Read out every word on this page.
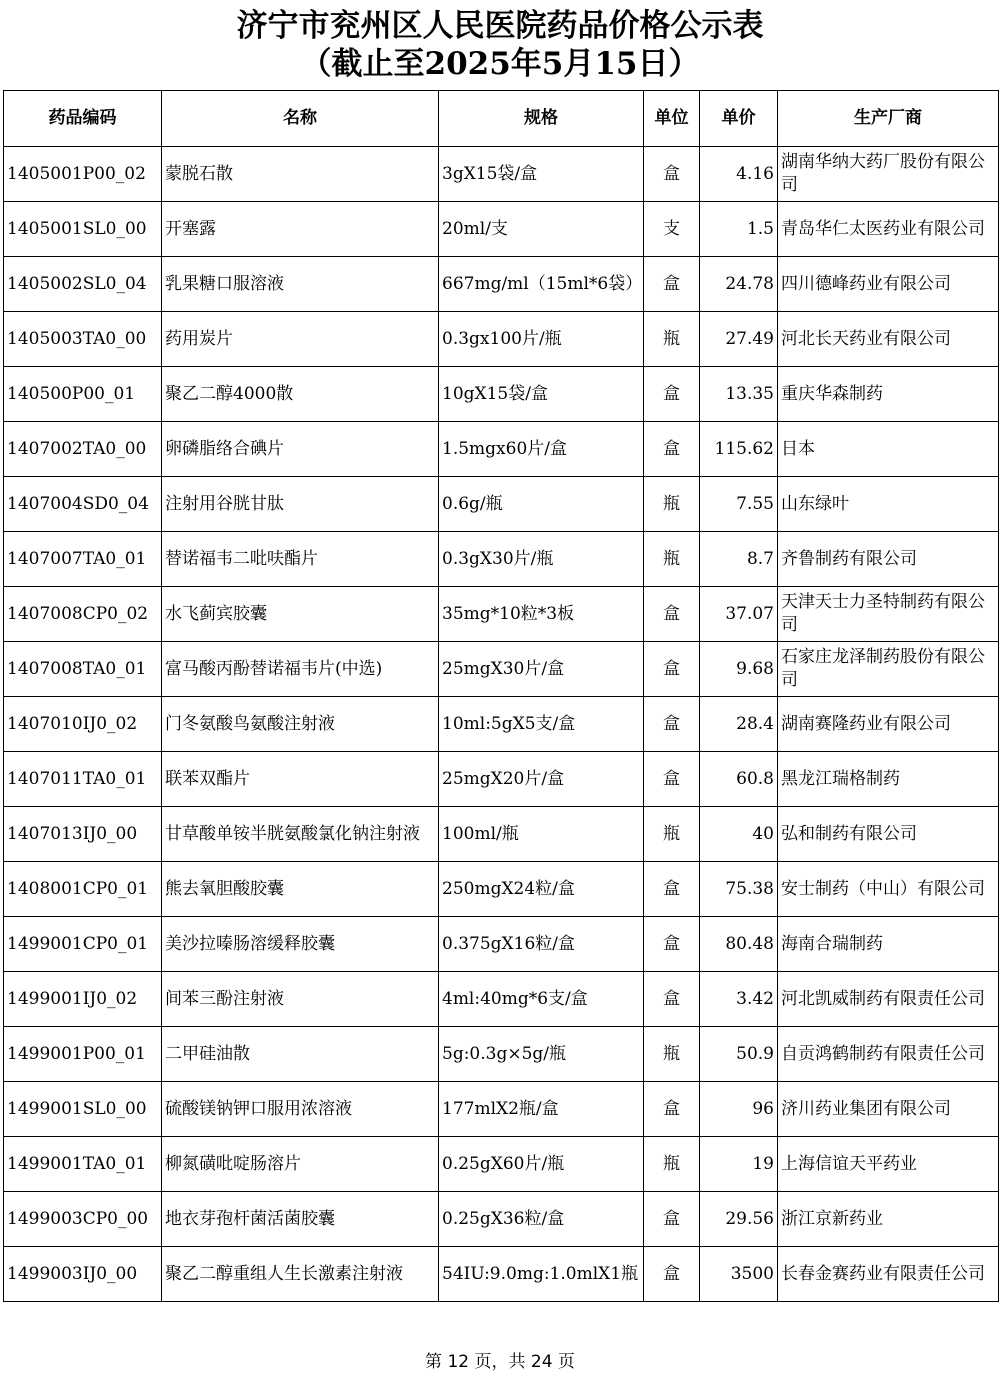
济宁市兖州区人民医院药品价格公示表
（截止至2025年5月15日）
药品编码	名称	规格	单位	单价	生产厂商
1405001P00_02	蒙脱石散	3gX15袋/盒	盒	4.16	湖南华纳大药厂股份有限公司
1405001SL0_00	开塞露	20ml/支	支	1.5	青岛华仁太医药业有限公司
1405002SL0_04	乳果糖口服溶液	667mg/ml（15ml*6袋）	盒	24.78	四川德峰药业有限公司
1405003TA0_00	药用炭片	0.3gx100片/瓶	瓶	27.49	河北长天药业有限公司
140500P00_01	聚乙二醇4000散	10gX15袋/盒	盒	13.35	重庆华森制药
1407002TA0_00	卵磷脂络合碘片	1.5mgx60片/盒	盒	115.62	日本
1407004SD0_04	注射用谷胱甘肽	0.6g/瓶	瓶	7.55	山东绿叶
1407007TA0_01	替诺福韦二吡呋酯片	0.3gX30片/瓶	瓶	8.7	齐鲁制药有限公司
1407008CP0_02	水飞蓟宾胶囊	35mg*10粒*3板	盒	37.07	天津天士力圣特制药有限公司
1407008TA0_01	富马酸丙酚替诺福韦片(中选)	25mgX30片/盒	盒	9.68	石家庄龙泽制药股份有限公司
1407010IJ0_02	门冬氨酸鸟氨酸注射液	10ml:5gX5支/盒	盒	28.4	湖南赛隆药业有限公司
1407011TA0_01	联苯双酯片	25mgX20片/盒	盒	60.8	黑龙江瑞格制药
1407013IJ0_00	甘草酸单铵半胱氨酸氯化钠注射液	100ml/瓶	瓶	40	弘和制药有限公司
1408001CP0_01	熊去氧胆酸胶囊	250mgX24粒/盒	盒	75.38	安士制药（中山）有限公司
1499001CP0_01	美沙拉嗪肠溶缓释胶囊	0.375gX16粒/盒	盒	80.48	海南合瑞制药
1499001IJ0_02	间苯三酚注射液	4ml:40mg*6支/盒	盒	3.42	河北凯威制药有限责任公司
1499001P00_01	二甲硅油散	5g:0.3g×5g/瓶	瓶	50.9	自贡鸿鹤制药有限责任公司
1499001SL0_00	硫酸镁钠钾口服用浓溶液	177mlX2瓶/盒	盒	96	济川药业集团有限公司
1499001TA0_01	柳氮磺吡啶肠溶片	0.25gX60片/瓶	瓶	19	上海信谊天平药业
1499003CP0_00	地衣芽孢杆菌活菌胶囊	0.25gX36粒/盒	盒	29.56	浙江京新药业
1499003IJ0_00	聚乙二醇重组人生长激素注射液	54IU:9.0mg:1.0mlX1瓶	盒	3500	长春金赛药业有限责任公司
第 12 页，共 24 页
